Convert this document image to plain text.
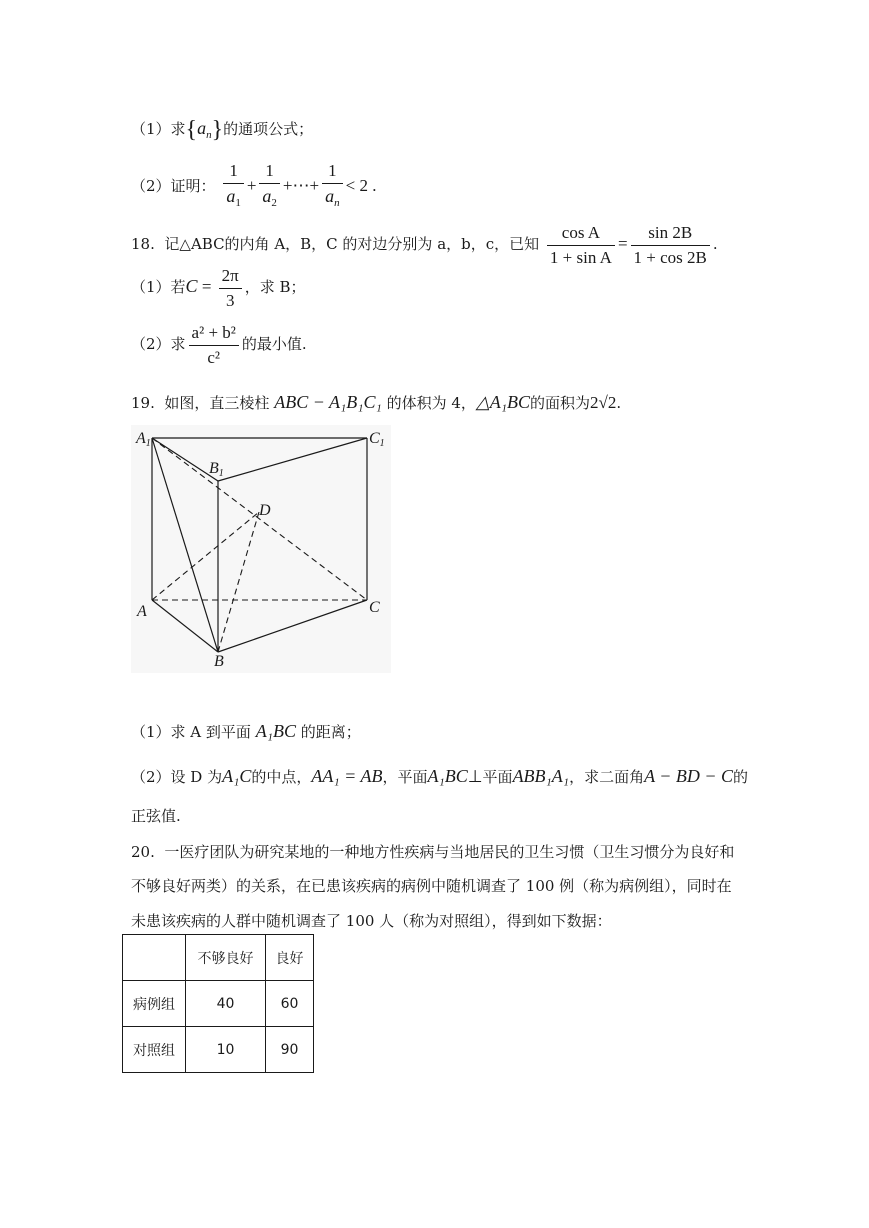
（1）求$\{a_n\}$的通项公式；
（2）证明： $\frac{1}{a_1} + \frac{1}{a_2}$ +⋯+ $\frac{1}{a_n} < 2$ .
18. 记△ABC的内角 A，B，C 的对边分别为 a，b，c，已知 $\frac{\text{cos A}}{\text{1 + sin A}} = \frac{\sin 2B}{1 + \cos 2B}$ .
（1）若$C = \frac{2\pi}{3}$ ，求 B；
（2）求 $\frac{\text{a² + b²}}{\text{c²}}$ 的最小值.
19. 如图，直三棱柱 ABC − A₁B₁C₁ 的体积为 4，△A₁BC的面积为2√2.
A1
B1
C1
D
A	C
B
（1）求 A 到平面 A₁BC 的距离；
（2）设 D 为A₁C的中点，AA₁ = AB，平面A₁BC⊥平面ABB₁A₁，求二面角A − BD − C的
正弦值.
20. 一医疗团队为研究某地的一种地方性疾病与当地居民的卫生习惯（卫生习惯分为良好和
不够良好两类）的关系，在已患该疾病的病例中随机调查了 100 例（称为病例组），同时在
未患该疾病的人群中随机调查了 100 人（称为对照组），得到如下数据：
	不够良好	良好
病例组	40	60
对照组	10	90
